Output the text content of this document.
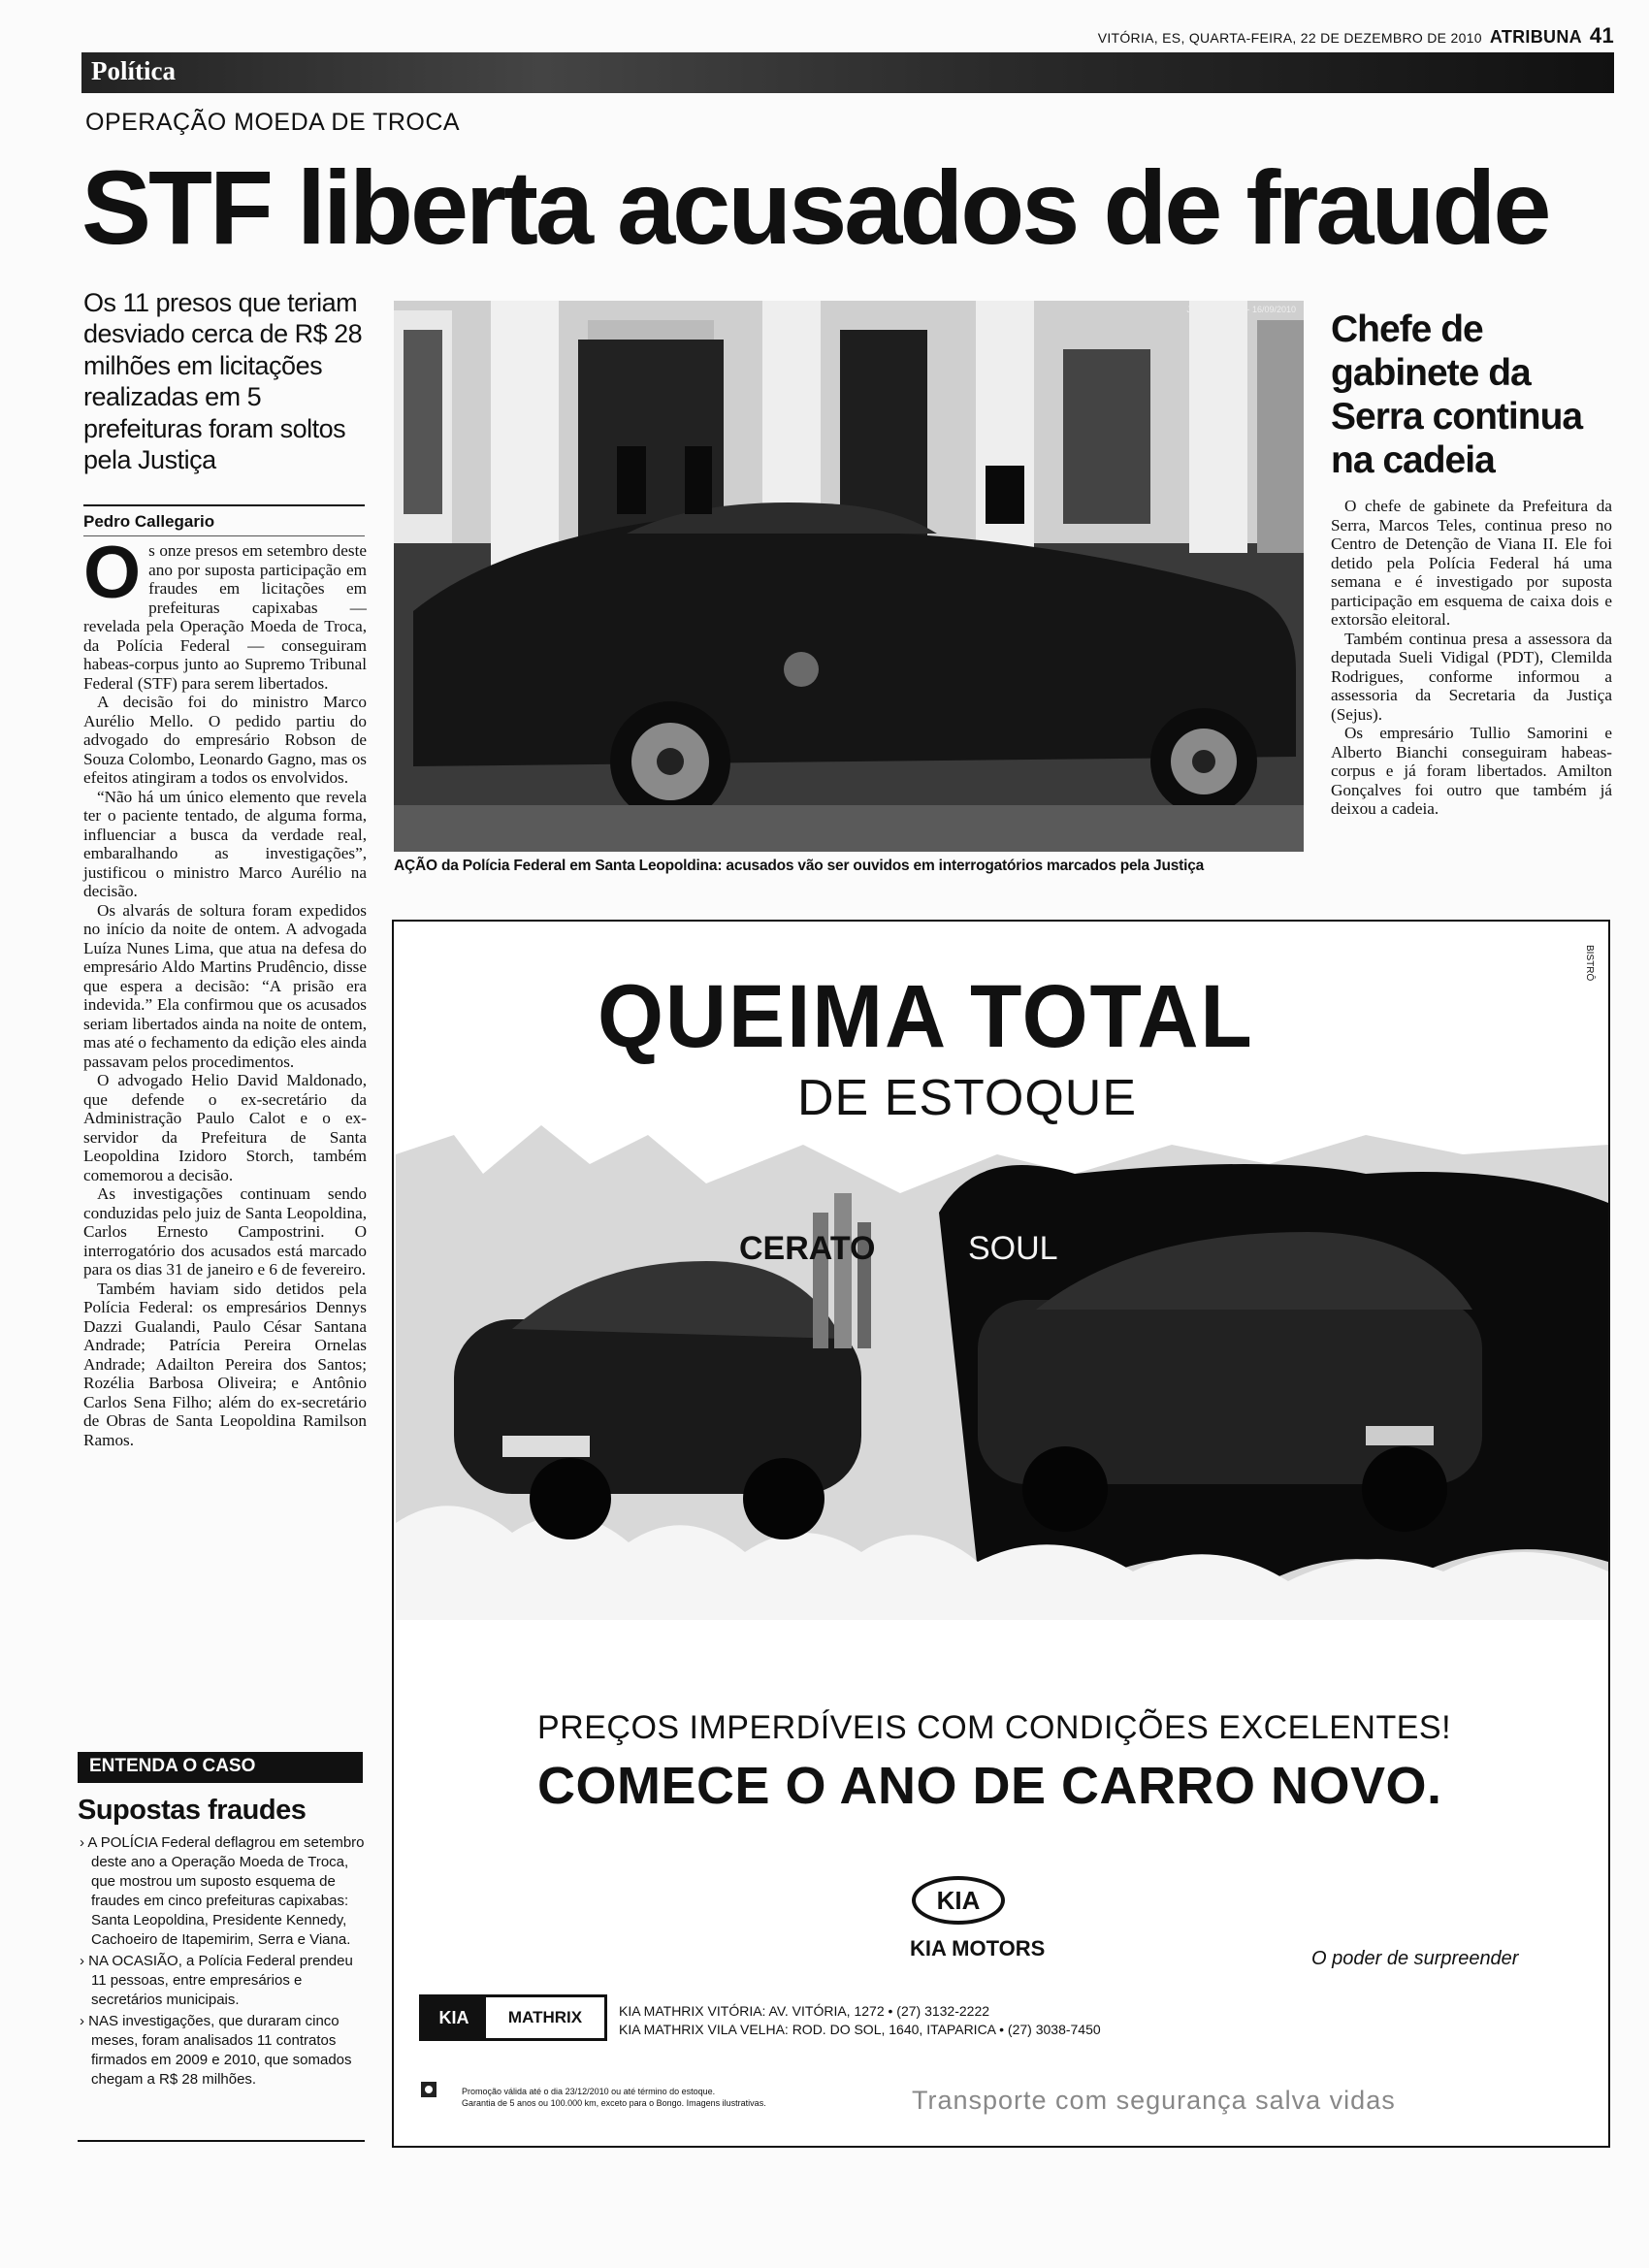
VITÓRIA, ES, QUARTA-FEIRA, 22 DE DEZEMBRO DE 2010 ATRIBUNA 41
Política
OPERAÇÃO MOEDA DE TROCA
STF liberta acusados de fraude
Os 11 presos que teriam desviado cerca de R$ 28 milhões em licitações realizadas em 5 prefeituras foram soltos pela Justiça
Pedro Callegario

Os onze presos em setembro deste ano por suposta participação em fraudes em licitações em prefeituras capixabas — revelada pela Operação Moeda de Troca, da Polícia Federal — conseguiram habeas-corpus junto ao Supremo Tribunal Federal (STF) para serem libertados.

A decisão foi do ministro Marco Aurélio Mello. O pedido partiu do advogado do empresário Robson de Souza Colombo, Leonardo Gagno, mas os efeitos atingiram a todos os envolvidos.

“Não há um único elemento que revela ter o paciente tentado, de alguma forma, influenciar a busca da verdade real, embaralhando as investigações”, justificou o ministro Marco Aurélio na decisão.

Os alvarás de soltura foram expedidos no início da noite de ontem. A advogada Luíza Nunes Lima, que atua na defesa do empresário Aldo Martins Prudêncio, disse que espera a decisão: “A prisão era indevida.” Ela confirmou que os acusados seriam libertados ainda na noite de ontem, mas até o fechamento da edição eles ainda passavam pelos procedimentos.

O advogado Helio David Maldonado, que defende o ex-secretário da Administração Paulo Calot e o ex-servidor da Prefeitura de Santa Leopoldina Izidoro Storch, também comemorou a decisão.

As investigações continuam sendo conduzidas pelo juiz de Santa Leopoldina, Carlos Ernesto Campostrini. O interrogatório dos acusados está marcado para os dias 31 de janeiro e 6 de fevereiro.

Também haviam sido detidos pela Polícia Federal: os empresários Dennys Dazzi Gualandi, Paulo César Santana Andrade; Patrícia Pereira Ornelas Andrade; Adailton Pereira dos Santos; Rozélia Barbosa Oliveira; e Antônio Carlos Sena Filho; além do ex-secretário de Obras de Santa Leopoldina Ramilson Ramos.

ENTENDA O CASO
Supostas fraudes
› A POLÍCIA Federal deflagrou em setembro deste ano a Operação Moeda de Troca, que mostrou um suposto esquema de fraudes em cinco prefeituras capixabas: Santa Leopoldina, Presidente Kennedy, Cachoeiro de Itapemirim, Serra e Viana.
› NA OCASIÃO, a Polícia Federal prendeu 11 pessoas, entre empresários e secretários municipais.
› NAS investigações, que duraram cinco meses, foram analisados 11 contratos firmados em 2009 e 2010, que somados chegam a R$ 28 milhões.
JULIO HUBER - 16/09/2010
AÇÃO da Polícia Federal em Santa Leopoldina: acusados vão ser ouvidos em interrogatórios marcados pela Justiça
Chefe de gabinete da Serra continua na cadeia

O chefe de gabinete da Prefeitura da Serra, Marcos Teles, continua preso no Centro de Detenção de Viana II. Ele foi detido pela Polícia Federal há uma semana e é investigado por suposta participação em esquema de caixa dois e extorsão eleitoral.

Também continua presa a assessora da deputada Sueli Vidigal (PDT), Clemilda Rodrigues, conforme informou a assessoria da Secretaria da Justiça (Sejus).

Os empresário Tullio Samorini e Alberto Bianchi conseguiram habeas-corpus e já foram libertados. Amilton Gonçalves foi outro que também já deixou a cadeia.

BISTRÔ
QUEIMA TOTAL
DE ESTOQUE
CERATO	SOUL
PREÇOS IMPERDÍVEIS COM CONDIÇÕES EXCELENTES!
COMECE O ANO DE CARRO NOVO.
KIA
KIA MOTORS	O poder de surpreender
KIA	MATHRIX	KIA MATHRIX VITÓRIA: AV. VITÓRIA, 1272 • (27) 3132-2222
KIA MATHRIX VILA VELHA: ROD. DO SOL, 1640, ITAPARICA • (27) 3038-7450
Promoção válida até o dia 23/12/2010 ou até término do estoque.
Garantia de 5 anos ou 100.000 km, exceto para o Bongo. Imagens ilustrativas.	Transporte com segurança salva vidas
